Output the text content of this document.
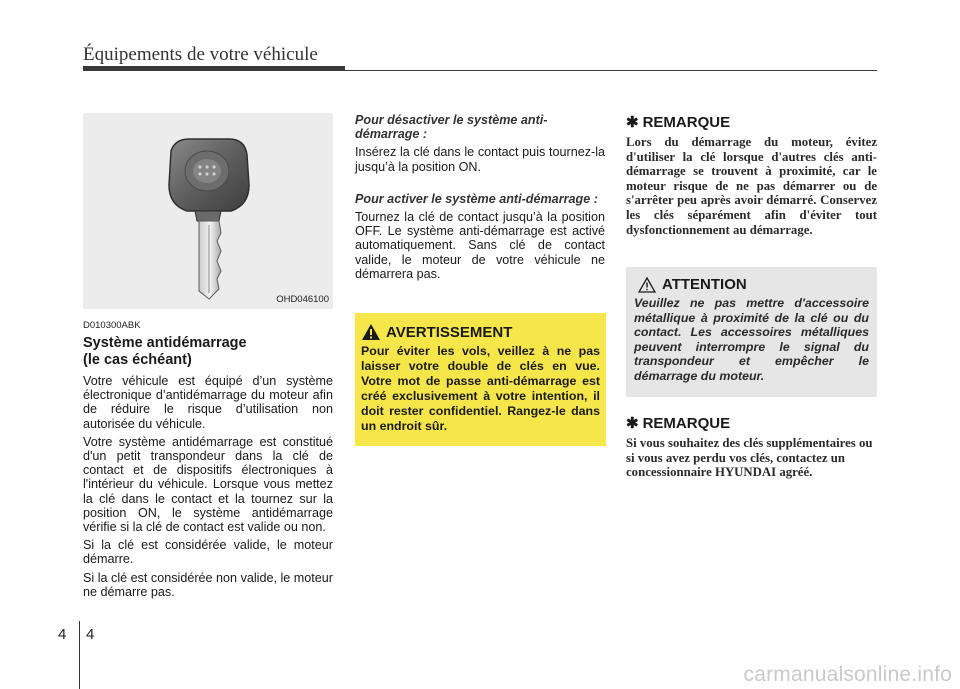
Équipements de votre véhicule
OHD046100
D010300ABK
Système antidémarrage
(le cas échéant)

Votre véhicule est équipé d’un système électronique d’antidémarrage du moteur afin de réduire le risque d’utilisation non autorisée du véhicule.

Votre système antidémarrage est constitué d'un petit transpondeur dans la clé de contact et de dispositifs électroniques à l'intérieur du véhicule. Lorsque vous mettez la clé dans le contact et la tournez sur la position ON, le système antidémarrage vérifie si la clé de contact est valide ou non.

Si la clé est considérée valide, le moteur démarre.

Si la clé est considérée non valide, le moteur ne démarre pas.

Pour désactiver le système anti-démarrage :

Insérez la clé dans le contact puis tournez-la jusqu’à la position ON.

Pour activer le système anti-démarrage :

Tournez la clé de contact jusqu’à la position OFF. Le système anti-démarrage est activé automatiquement. Sans clé de contact valide, le moteur de votre véhicule ne démarrera pas.

AVERTISSEMENT

Pour éviter les vols, veillez à ne pas laisser votre double de clés en vue. Votre mot de passe anti-démarrage est créé exclusivement à votre intention, il doit rester confidentiel. Rangez-le dans un endroit sûr.

✱ REMARQUE

Lors du démarrage du moteur, évitez d'utiliser la clé lorsque d'autres clés anti-démarrage se trouvent à proximité, car le moteur risque de ne pas démarrer ou de s'arrêter peu après avoir démarré. Conservez les clés séparément afin d'éviter tout dysfonctionnement au démarrage.

ATTENTION

Veuillez ne pas mettre d'accessoire métallique à proximité de la clé ou du contact. Les accessoires métalliques peuvent interrompre le signal du transpondeur et empêcher le démarrage du moteur.

✱ REMARQUE

Si vous souhaitez des clés supplémentaires ou si vous avez perdu vos clés, contactez un concessionnaire HYUNDAI agréé.

4 4
carmanualsonline.info
